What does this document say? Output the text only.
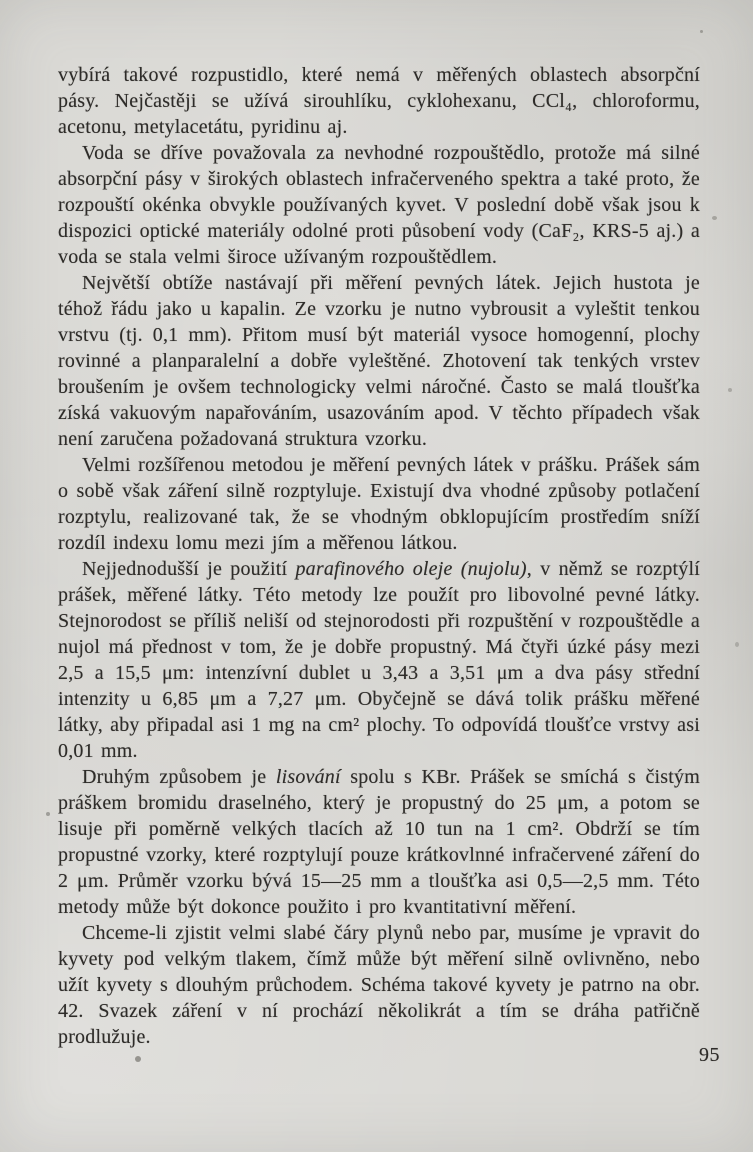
vybírá takové rozpustidlo, které nemá v měřených oblastech absorpční pásy. Nejčastěji se užívá sirouhlíku, cyklohexanu, CCl₄, chloroformu, acetonu, metylacetátu, pyridinu aj.

Voda se dříve považovala za nevhodné rozpouštědlo, protože má silné absorpční pásy v širokých oblastech infračerveného spektra a také proto, že rozpouští okénka obvykle používaných kyvet. V poslední době však jsou k dispozici optické materiály odolné proti působení vody (CaF₂, KRS-5 aj.) a voda se stala velmi široce užívaným rozpouštědlem.

Největší obtíže nastávají při měření pevných látek. Jejich hustota je téhož řádu jako u kapalin. Ze vzorku je nutno vybrousit a vyleštit tenkou vrstvu (tj. 0,1 mm). Přitom musí být materiál vysoce homogenní, plochy rovinné a planparalelní a dobře vyleštěné. Zhotovení tak tenkých vrstev broušením je ovšem technologicky velmi náročné. Často se malá tloušťka získá vakuovým napařováním, usazováním apod. V těchto případech však není zaručena požadovaná struktura vzorku.

Velmi rozšířenou metodou je měření pevných látek v prášku. Prášek sám o sobě však záření silně rozptyluje. Existují dva vhodné způsoby potlačení rozptylu, realizované tak, že se vhodným obklopujícím prostředím sníží rozdíl indexu lomu mezi jím a měřenou látkou.

Nejjednodušší je použití parafinového oleje (nujolu), v němž se rozptýlí prášek, měřené látky. Této metody lze použít pro libovolné pevné látky. Stejnorodost se příliš neliší od stejnorodosti při rozpuštění v rozpouštědle a nujol má přednost v tom, že je dobře propustný. Má čtyři úzké pásy mezi 2,5 a 15,5 μm: intenzívní dublet u 3,43 a 3,51 μm a dva pásy střední intenzity u 6,85 μm a 7,27 μm. Obyčejně se dává tolik prášku měřené látky, aby připadal asi 1 mg na cm² plochy. To odpovídá tloušťce vrstvy asi 0,01 mm.

Druhým způsobem je lisování spolu s KBr. Prášek se smíchá s čistým práškem bromidu draselného, který je propustný do 25 μm, a potom se lisuje při poměrně velkých tlacích až 10 tun na 1 cm². Obdrží se tím propustné vzorky, které rozptylují pouze krátkovlnné infračervené záření do 2 μm. Průměr vzorku bývá 15—25 mm a tloušťka asi 0,5—2,5 mm. Této metody může být dokonce použito i pro kvantitativní měření.

Chceme-li zjistit velmi slabé čáry plynů nebo par, musíme je vpravit do kyvety pod velkým tlakem, čímž může být měření silně ovlivněno, nebo užít kyvety s dlouhým průchodem. Schéma takové kyvety je patrno na obr. 42. Svazek záření v ní prochází několikrát a tím se dráha patřičně prodlužuje.

95
